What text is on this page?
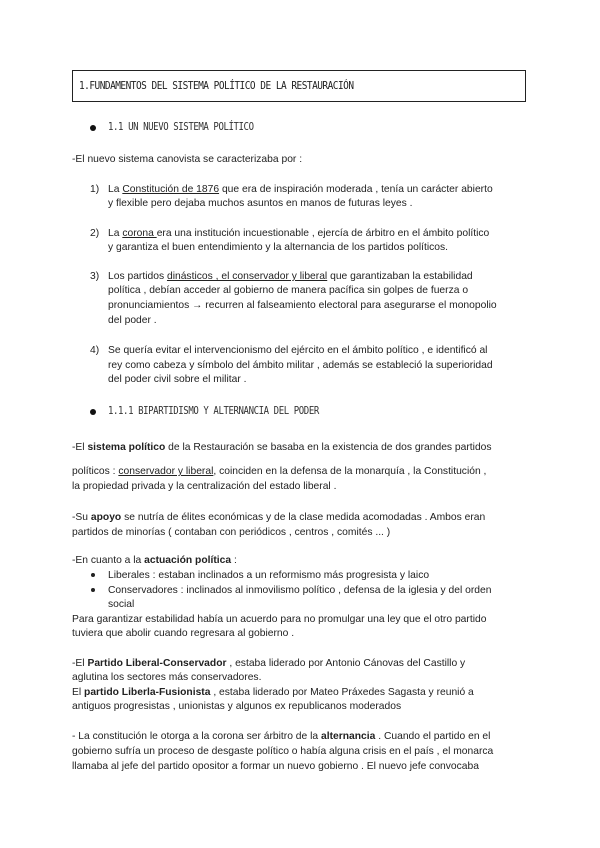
1.FUNDAMENTOS DEL SISTEMA POLÍTICO DE LA RESTAURACIÓN
1.1 UN NUEVO SISTEMA POLÍTICO
-El nuevo sistema canovista se caracterizaba por :
1) La Constitución de 1876 que era de inspiración moderada , tenía un carácter abierto
y flexible pero dejaba muchos asuntos en manos de futuras leyes .
2) La corona era una institución incuestionable , ejercía de árbitro en el ámbito político
y garantiza el buen entendimiento y la alternancia de los partidos políticos.
3) Los partidos dinásticos , el conservador y liberal que garantizaban la estabilidad
política , debían acceder al gobierno de manera pacífica sin golpes de fuerza o
pronunciamientos → recurren al falseamiento electoral para asegurarse el monopolio
del poder .
4) Se quería evitar el intervencionismo del ejército en el ámbito político , e identificó al
rey como cabeza y símbolo del ámbito militar , además se estableció la superioridad
del poder civil sobre el militar .
1.1.1 BIPARTIDISMO Y ALTERNANCIA DEL PODER
-El sistema político de la Restauración se basaba en la existencia de dos grandes partidos
políticos : conservador y liberal, coinciden en la defensa de la monarquía , la Constitución ,
la propiedad privada y la centralización del estado liberal .
-Su apoyo se nutría de élites económicas y de la clase medida acomodadas . Ambos eran
partidos de minorías ( contaban con periódicos , centros , comités ... )
-En cuanto a la actuación política :
Liberales : estaban inclinados a un reformismo más progresista y laico
Conservadores : inclinados al inmovilismo político , defensa de la iglesia y del orden
social
Para garantizar estabilidad había un acuerdo para no promulgar una ley que el otro partido
tuviera que abolir cuando regresara al gobierno .
-El Partido Liberal-Conservador , estaba liderado por Antonio Cánovas del Castillo y
aglutina los sectores más conservadores.
El partido Liberla-Fusionista , estaba liderado por Mateo Práxedes Sagasta y reunió a
antiguos progresistas , unionistas y algunos ex republicanos moderados
- La constitución le otorga a la corona ser árbitro de la alternancia . Cuando el partido en el
gobierno sufría un proceso de desgaste político o había alguna crisis en el país , el monarca
llamaba al jefe del partido opositor a formar un nuevo gobierno . El nuevo jefe convocaba
